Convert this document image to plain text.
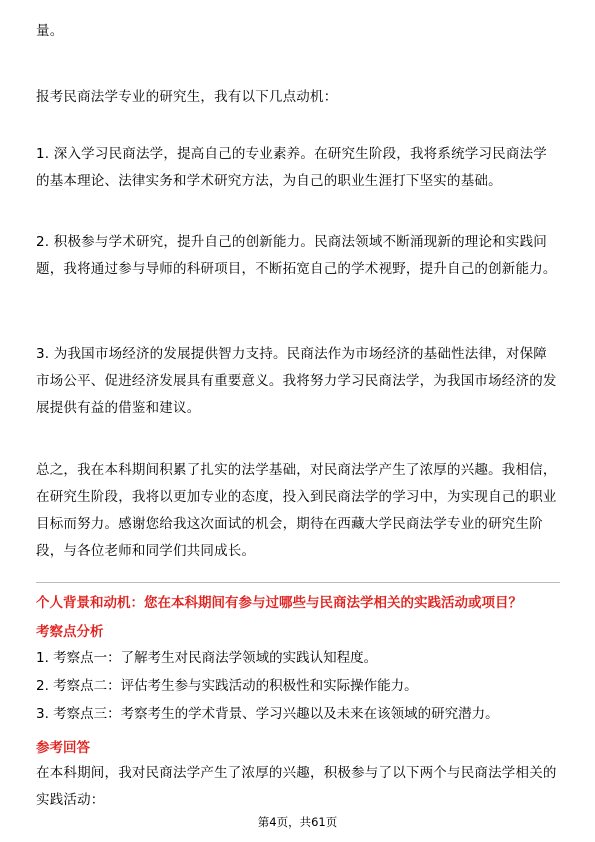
量。

报考民商法学专业的研究生，我有以下几点动机：

1. 深入学习民商法学，提高自己的专业素养。在研究生阶段，我将系统学习民商法学的基本理论、法律实务和学术研究方法，为自己的职业生涯打下坚实的基础。

2. 积极参与学术研究，提升自己的创新能力。民商法领域不断涌现新的理论和实践问题，我将通过参与导师的科研项目，不断拓宽自己的学术视野，提升自己的创新能力。

3. 为我国市场经济的发展提供智力支持。民商法作为市场经济的基础性法律，对保障市场公平、促进经济发展具有重要意义。我将努力学习民商法学，为我国市场经济的发展提供有益的借鉴和建议。

总之，我在本科期间积累了扎实的法学基础，对民商法学产生了浓厚的兴趣。我相信，在研究生阶段，我将以更加专业的态度，投入到民商法学的学习中，为实现自己的职业目标而努力。感谢您给我这次面试的机会，期待在西藏大学民商法学专业的研究生阶段，与各位老师和同学们共同成长。

个人背景和动机：您在本科期间有参与过哪些与民商法学相关的实践活动或项目？

考察点分析

1. 考察点一：了解考生对民商法学领域的实践认知程度。

2. 考察点二：评估考生参与实践活动的积极性和实际操作能力。

3. 考察点三：考察考生的学术背景、学习兴趣以及未来在该领域的研究潜力。

参考回答

在本科期间，我对民商法学产生了浓厚的兴趣，积极参与了以下两个与民商法学相关的实践活动：

第4页，共61页
